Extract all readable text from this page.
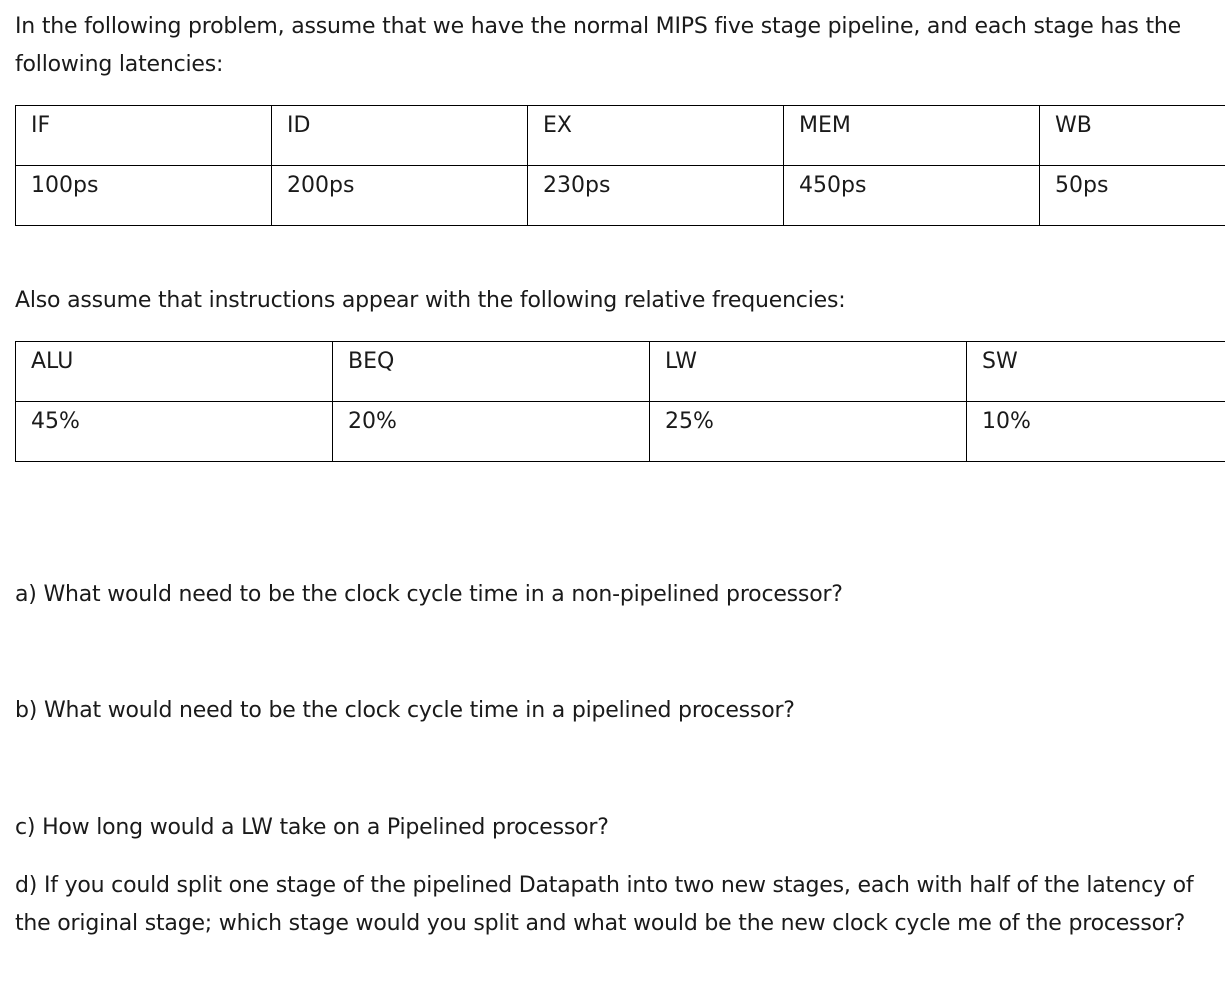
In the following problem, assume that we have the normal MIPS five stage pipeline, and each stage has the following latencies:

IF	ID	EX	MEM	WB
100ps	200ps	230ps	450ps	50ps

Also assume that instructions appear with the following relative frequencies:

ALU	BEQ	LW	SW
45%	20%	25%	10%

a) What would need to be the clock cycle time in a non-pipelined processor?

b) What would need to be the clock cycle time in a pipelined processor?

c) How long would a LW take on a Pipelined processor?

d) If you could split one stage of the pipelined Datapath into two new stages, each with half of the latency of the original stage; which stage would you split and what would be the new clock cycle me of the processor?
